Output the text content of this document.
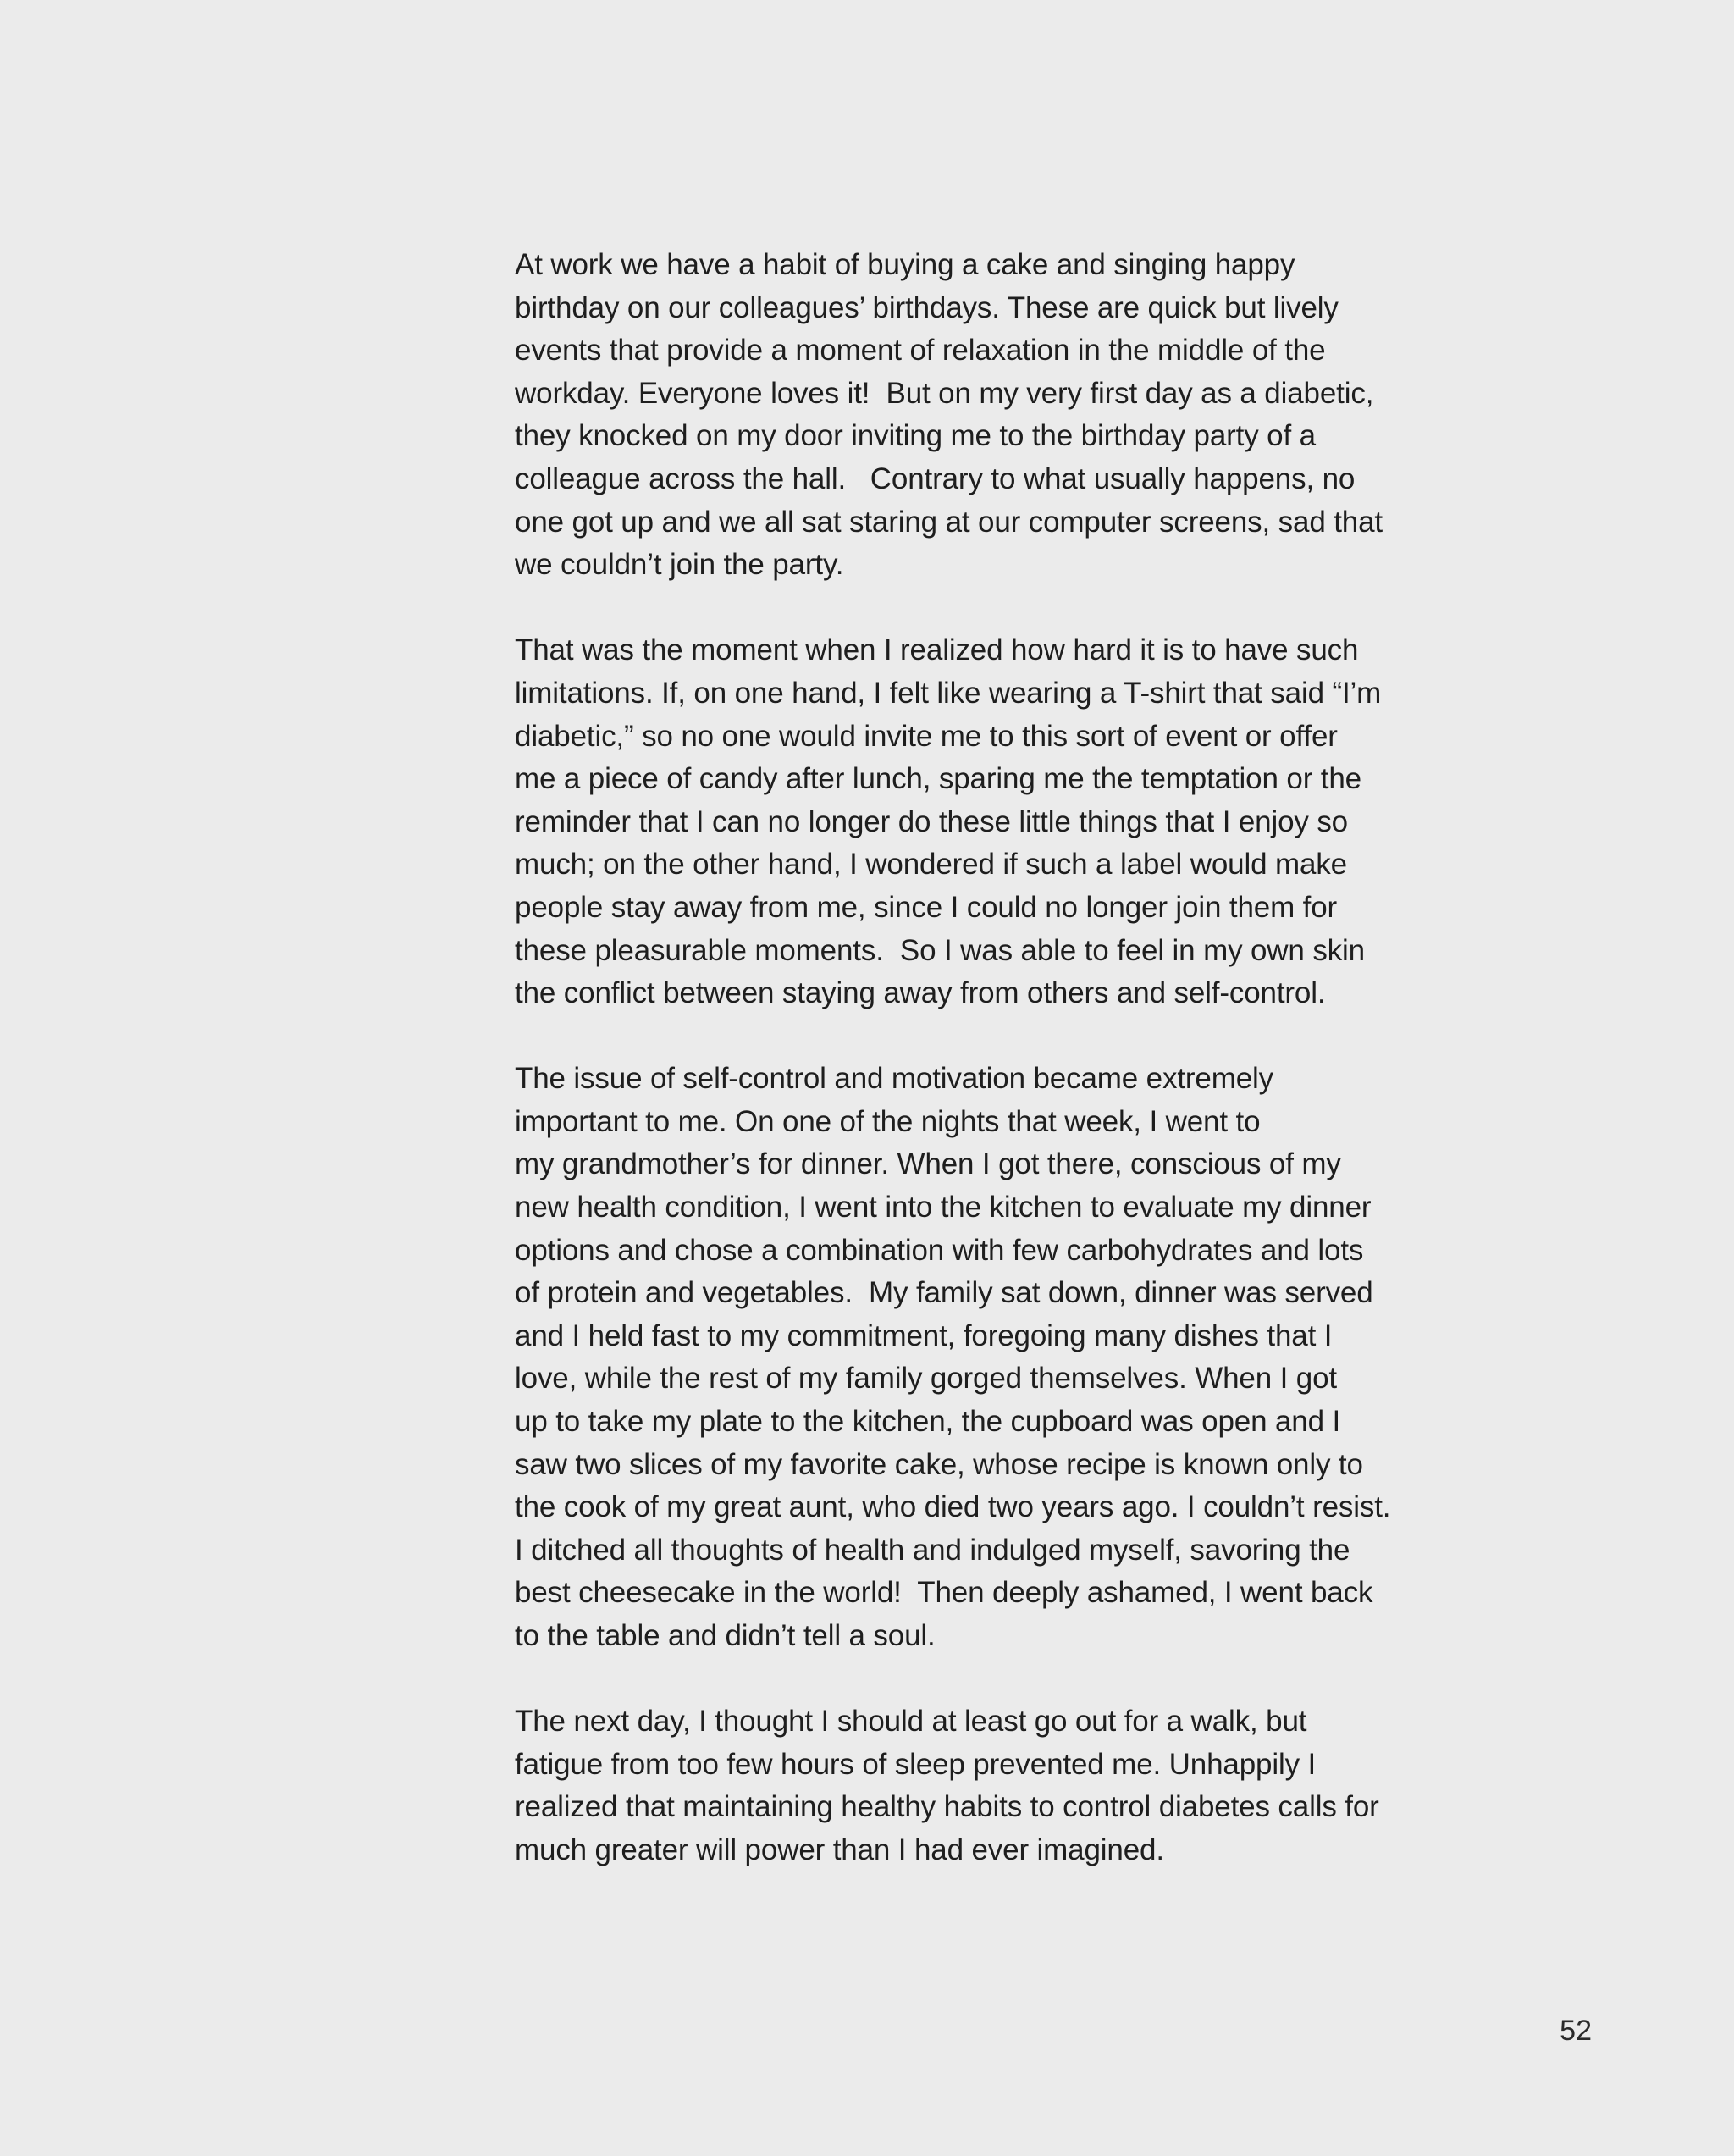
At work we have a habit of buying a cake and singing happy
birthday on our colleagues’ birthdays. These are quick but lively
events that provide a moment of relaxation in the middle of the
workday. Everyone loves it!  But on my very first day as a diabetic,
they knocked on my door inviting me to the birthday party of a
colleague across the hall.   Contrary to what usually happens, no
one got up and we all sat staring at our computer screens, sad that
we couldn’t join the party.

That was the moment when I realized how hard it is to have such
limitations. If, on one hand, I felt like wearing a T-shirt that said “I’m
diabetic,” so no one would invite me to this sort of event or offer
me a piece of candy after lunch, sparing me the temptation or the
reminder that I can no longer do these little things that I enjoy so
much; on the other hand, I wondered if such a label would make
people stay away from me, since I could no longer join them for
these pleasurable moments.  So I was able to feel in my own skin
the conflict between staying away from others and self-control.

The issue of self-control and motivation became extremely
important to me. On one of the nights that week, I went to
my grandmother’s for dinner. When I got there, conscious of my
new health condition, I went into the kitchen to evaluate my dinner
options and chose a combination with few carbohydrates and lots
of protein and vegetables.  My family sat down, dinner was served
and I held fast to my commitment, foregoing many dishes that I
love, while the rest of my family gorged themselves. When I got
up to take my plate to the kitchen, the cupboard was open and I
saw two slices of my favorite cake, whose recipe is known only to
the cook of my great aunt, who died two years ago. I couldn’t resist.
I ditched all thoughts of health and indulged myself, savoring the
best cheesecake in the world!  Then deeply ashamed, I went back
to the table and didn’t tell a soul.

The next day, I thought I should at least go out for a walk, but
fatigue from too few hours of sleep prevented me. Unhappily I
realized that maintaining healthy habits to control diabetes calls for
much greater will power than I had ever imagined.

52
